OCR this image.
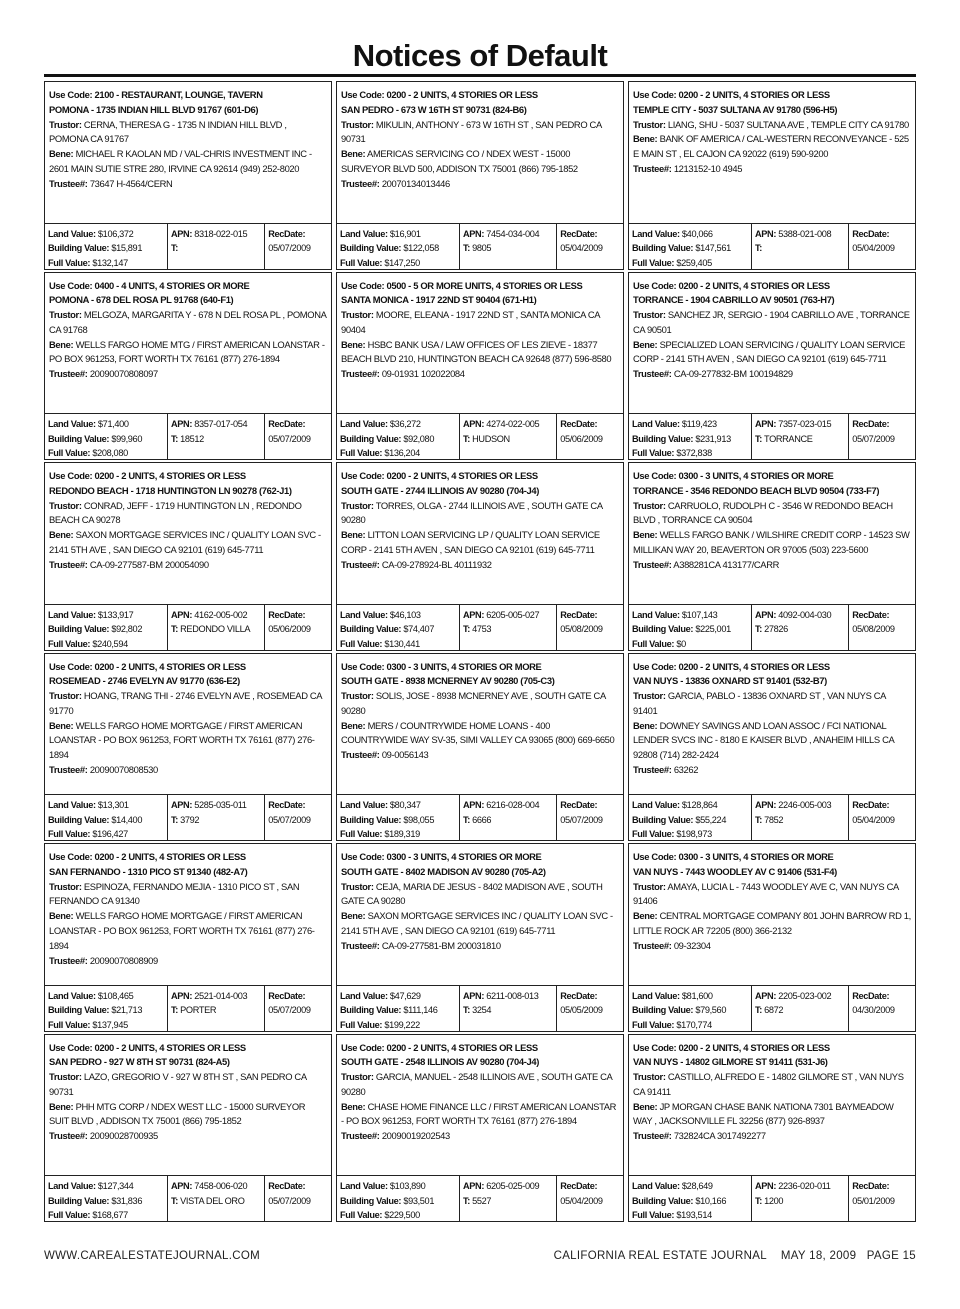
Notices of Default
Use Code: 2100 - RESTAURANT, LOUNGE, TAVERN
POMONA - 1735 INDIAN HILL BLVD 91767 (601-D6)
Trustor: CERNA, THERESA G - 1735 N INDIAN HILL BLVD , POMONA CA 91767
Bene: MICHAEL R KAOLAN MD / VAL-CHRIS INVESTMENT INC - 2601 MAIN SUTIE STRE 280, IRVINE CA 92614 (949) 252-8020
Trustee#: 73647 H-4564/CERN
Land Value: $106,372
Building Value: $15,891
Full Value: $132,147
APN: 8318-022-015
T:
RecDate:
05/07/2009
Use Code: 0200 - 2 UNITS, 4 STORIES OR LESS
SAN PEDRO - 673 W 16TH ST 90731 (824-B6)
Trustor: MIKULIN, ANTHONY - 673 W 16TH ST , SAN PEDRO CA 90731
Bene: AMERICAS SERVICING CO / NDEX WEST - 15000 SURVEYOR BLVD 500, ADDISON TX 75001 (866) 795-1852
Trustee#: 20070134013446
Land Value: $16,901
Building Value: $122,058
Full Value: $147,250
APN: 7454-034-004
T: 9805
RecDate:
05/04/2009
Use Code: 0200 - 2 UNITS, 4 STORIES OR LESS
TEMPLE CITY - 5037 SULTANA AV 91780 (596-H5)
Trustor: LIANG, SHU - 5037 SULTANA AVE , TEMPLE CITY CA 91780
Bene: BANK OF AMERICA / CAL-WESTERN RECONVEYANCE - 525 E MAIN ST , EL CAJON CA 92022 (619) 590-9200
Trustee#: 1213152-10 4945
Land Value: $40,066
Building Value: $147,561
Full Value: $259,405
APN: 5388-021-008
T:
RecDate:
05/04/2009
Use Code: 0400 - 4 UNITS, 4 STORIES OR MORE
POMONA - 678 DEL ROSA PL 91768 (640-F1)
Trustor: MELGOZA, MARGARITA Y - 678 N DEL ROSA PL , POMONA CA 91768
Bene: WELLS FARGO HOME MTG / FIRST AMERICAN LOANSTAR - PO BOX 961253, FORT WORTH TX 76161 (877) 276-1894
Trustee#: 20090070808097
Land Value: $71,400
Building Value: $99,960
Full Value: $208,080
APN: 8357-017-054
T: 18512
RecDate:
05/07/2009
Use Code: 0500 - 5 OR MORE UNITS, 4 STORIES OR LESS
SANTA MONICA - 1917 22ND ST 90404 (671-H1)
Trustor: MOORE, ELEANA - 1917 22ND ST , SANTA MONICA CA 90404
Bene: HSBC BANK USA / LAW OFFICES OF LES ZIEVE - 18377 BEACH BLVD 210, HUNTINGTON BEACH CA 92648 (877) 596-8580
Trustee#: 09-01931 102022084
Land Value: $36,272
Building Value: $92,080
Full Value: $136,204
APN: 4274-022-005
T: HUDSON
RecDate:
05/06/2009
Use Code: 0200 - 2 UNITS, 4 STORIES OR LESS
TORRANCE - 1904 CABRILLO AV 90501 (763-H7)
Trustor: SANCHEZ JR, SERGIO - 1904 CABRILLO AVE , TORRANCE CA 90501
Bene: SPECIALIZED LOAN SERVICING / QUALITY LOAN SERVICE CORP - 2141 5TH AVEN , SAN DIEGO CA 92101 (619) 645-7711
Trustee#: CA-09-277832-BM 100194829
Land Value: $119,423
Building Value: $231,913
Full Value: $372,838
APN: 7357-023-015
T: TORRANCE
RecDate:
05/07/2009
Use Code: 0200 - 2 UNITS, 4 STORIES OR LESS
REDONDO BEACH - 1718 HUNTINGTON LN 90278 (762-J1)
Trustor: CONRAD, JEFF - 1719 HUNTINGTON LN , REDONDO BEACH CA 90278
Bene: SAXON MORTGAGE SERVICES INC / QUALITY LOAN SVC - 2141 5TH AVE , SAN DIEGO CA 92101 (619) 645-7711
Trustee#: CA-09-277587-BM 200054090
Land Value: $133,917
Building Value: $92,802
Full Value: $240,594
APN: 4162-005-002
T: REDONDO VILLA
RecDate:
05/06/2009
Use Code: 0200 - 2 UNITS, 4 STORIES OR LESS
SOUTH GATE - 2744 ILLINOIS AV 90280 (704-J4)
Trustor: TORRES, OLGA - 2744 ILLINOIS AVE , SOUTH GATE CA 90280
Bene: LITTON LOAN SERVICING LP / QUALITY LOAN SERVICE CORP - 2141 5TH AVEN , SAN DIEGO CA 92101 (619) 645-7711
Trustee#: CA-09-278924-BL 40111932
Land Value: $46,103
Building Value: $74,407
Full Value: $130,441
APN: 6205-005-027
T: 4753
RecDate:
05/08/2009
Use Code: 0300 - 3 UNITS, 4 STORIES OR MORE
TORRANCE - 3546 REDONDO BEACH BLVD 90504 (733-F7)
Trustor: CARRUOLO, RUDOLPH C - 3546 W REDONDO BEACH BLVD , TORRANCE CA 90504
Bene: WELLS FARGO BANK / WILSHIRE CREDIT CORP - 14523 SW MILLIKAN WAY 20, BEAVERTON OR 97005 (503) 223-5600
Trustee#: A388281CA 413177/CARR
Land Value: $107,143
Building Value: $225,001
Full Value: $0
APN: 4092-004-030
T: 27826
RecDate:
05/08/2009
Use Code: 0200 - 2 UNITS, 4 STORIES OR LESS
ROSEMEAD - 2746 EVELYN AV 91770 (636-E2)
Trustor: HOANG, TRANG THI - 2746 EVELYN AVE , ROSEMEAD CA 91770
Bene: WELLS FARGO HOME MORTGAGE / FIRST AMERICAN LOANSTAR - PO BOX 961253, FORT WORTH TX 76161 (877) 276-1894
Trustee#: 20090070808530
Land Value: $13,301
Building Value: $14,400
Full Value: $196,427
APN: 5285-035-011
T: 3792
RecDate:
05/07/2009
Use Code: 0300 - 3 UNITS, 4 STORIES OR MORE
SOUTH GATE - 8938 MCNERNEY AV 90280 (705-C3)
Trustor: SOLIS, JOSE - 8938 MCNERNEY AVE , SOUTH GATE CA 90280
Bene: MERS / COUNTRYWIDE HOME LOANS - 400 COUNTRYWIDE WAY SV-35, SIMI VALLEY CA 93065 (800) 669-6650
Trustee#: 09-0056143
Land Value: $80,347
Building Value: $98,055
Full Value: $189,319
APN: 6216-028-004
T: 6666
RecDate:
05/07/2009
Use Code: 0200 - 2 UNITS, 4 STORIES OR LESS
VAN NUYS - 13836 OXNARD ST 91401 (532-B7)
Trustor: GARCIA, PABLO - 13836 OXNARD ST , VAN NUYS CA 91401
Bene: DOWNEY SAVINGS AND LOAN ASSOC / FCI NATIONAL LENDER SVCS INC - 8180 E KAISER BLVD , ANAHEIM HILLS CA 92808 (714) 282-2424
Trustee#: 63262
Land Value: $128,864
Building Value: $55,224
Full Value: $198,973
APN: 2246-005-003
T: 7852
RecDate:
05/04/2009
Use Code: 0200 - 2 UNITS, 4 STORIES OR LESS
SAN FERNANDO - 1310 PICO ST 91340 (482-A7)
Trustor: ESPINOZA, FERNANDO MEJIA - 1310 PICO ST , SAN FERNANDO CA 91340
Bene: WELLS FARGO HOME MORTGAGE / FIRST AMERICAN LOANSTAR - PO BOX 961253, FORT WORTH TX 76161 (877) 276-1894
Trustee#: 20090070808909
Land Value: $108,465
Building Value: $21,713
Full Value: $137,945
APN: 2521-014-003
T: PORTER
RecDate:
05/07/2009
Use Code: 0300 - 3 UNITS, 4 STORIES OR MORE
SOUTH GATE - 8402 MADISON AV 90280 (705-A2)
Trustor: CEJA, MARIA DE JESUS - 8402 MADISON AVE , SOUTH GATE CA 90280
Bene: SAXON MORTGAGE SERVICES INC / QUALITY LOAN SVC - 2141 5TH AVE , SAN DIEGO CA 92101 (619) 645-7711
Trustee#: CA-09-277581-BM 200031810
Land Value: $47,629
Building Value: $111,146
Full Value: $199,222
APN: 6211-008-013
T: 3254
RecDate:
05/05/2009
Use Code: 0300 - 3 UNITS, 4 STORIES OR MORE
VAN NUYS - 7443 WOODLEY AV C 91406 (531-F4)
Trustor: AMAYA, LUCIA L - 7443 WOODLEY AVE C, VAN NUYS CA 91406
Bene: CENTRAL MORTGAGE COMPANY 801 JOHN BARROW RD 1, LITTLE ROCK AR 72205 (800) 366-2132
Trustee#: 09-32304
Land Value: $81,600
Building Value: $79,560
Full Value: $170,774
APN: 2205-023-002
T: 6872
RecDate:
04/30/2009
Use Code: 0200 - 2 UNITS, 4 STORIES OR LESS
SAN PEDRO - 927 W 8TH ST 90731 (824-A5)
Trustor: LAZO, GREGORIO V - 927 W 8TH ST , SAN PEDRO CA 90731
Bene: PHH MTG CORP / NDEX WEST LLC - 15000 SURVEYOR SUIT BLVD , ADDISON TX 75001 (866) 795-1852
Trustee#: 20090028700935
Land Value: $127,344
Building Value: $31,836
Full Value: $168,677
APN: 7458-006-020
T: VISTA DEL ORO
RecDate:
05/07/2009
Use Code: 0200 - 2 UNITS, 4 STORIES OR LESS
SOUTH GATE - 2548 ILLINOIS AV 90280 (704-J4)
Trustor: GARCIA, MANUEL - 2548 ILLINOIS AVE , SOUTH GATE CA 90280
Bene: CHASE HOME FINANCE LLC / FIRST AMERICAN LOANSTAR - PO BOX 961253, FORT WORTH TX 76161 (877) 276-1894
Trustee#: 20090019202543
Land Value: $103,890
Building Value: $93,501
Full Value: $229,500
APN: 6205-025-009
T: 5527
RecDate:
05/04/2009
Use Code: 0200 - 2 UNITS, 4 STORIES OR LESS
VAN NUYS - 14802 GILMORE ST 91411 (531-J6)
Trustor: CASTILLO, ALFREDO E - 14802 GILMORE ST , VAN NUYS CA 91411
Bene: JP MORGAN CHASE BANK NATIONA 7301 BAYMEADOW WAY , JACKSONVILLE FL 32256 (877) 926-8937
Trustee#: 732824CA 3017492277
Land Value: $28,649
Building Value: $10,166
Full Value: $193,514
APN: 2236-020-011
T: 1200
RecDate:
05/01/2009
WWW.CAREALESTATEJOURNAL.COM	CALIFORNIA REAL ESTATE JOURNAL MAY 18, 2009 PAGE 15
